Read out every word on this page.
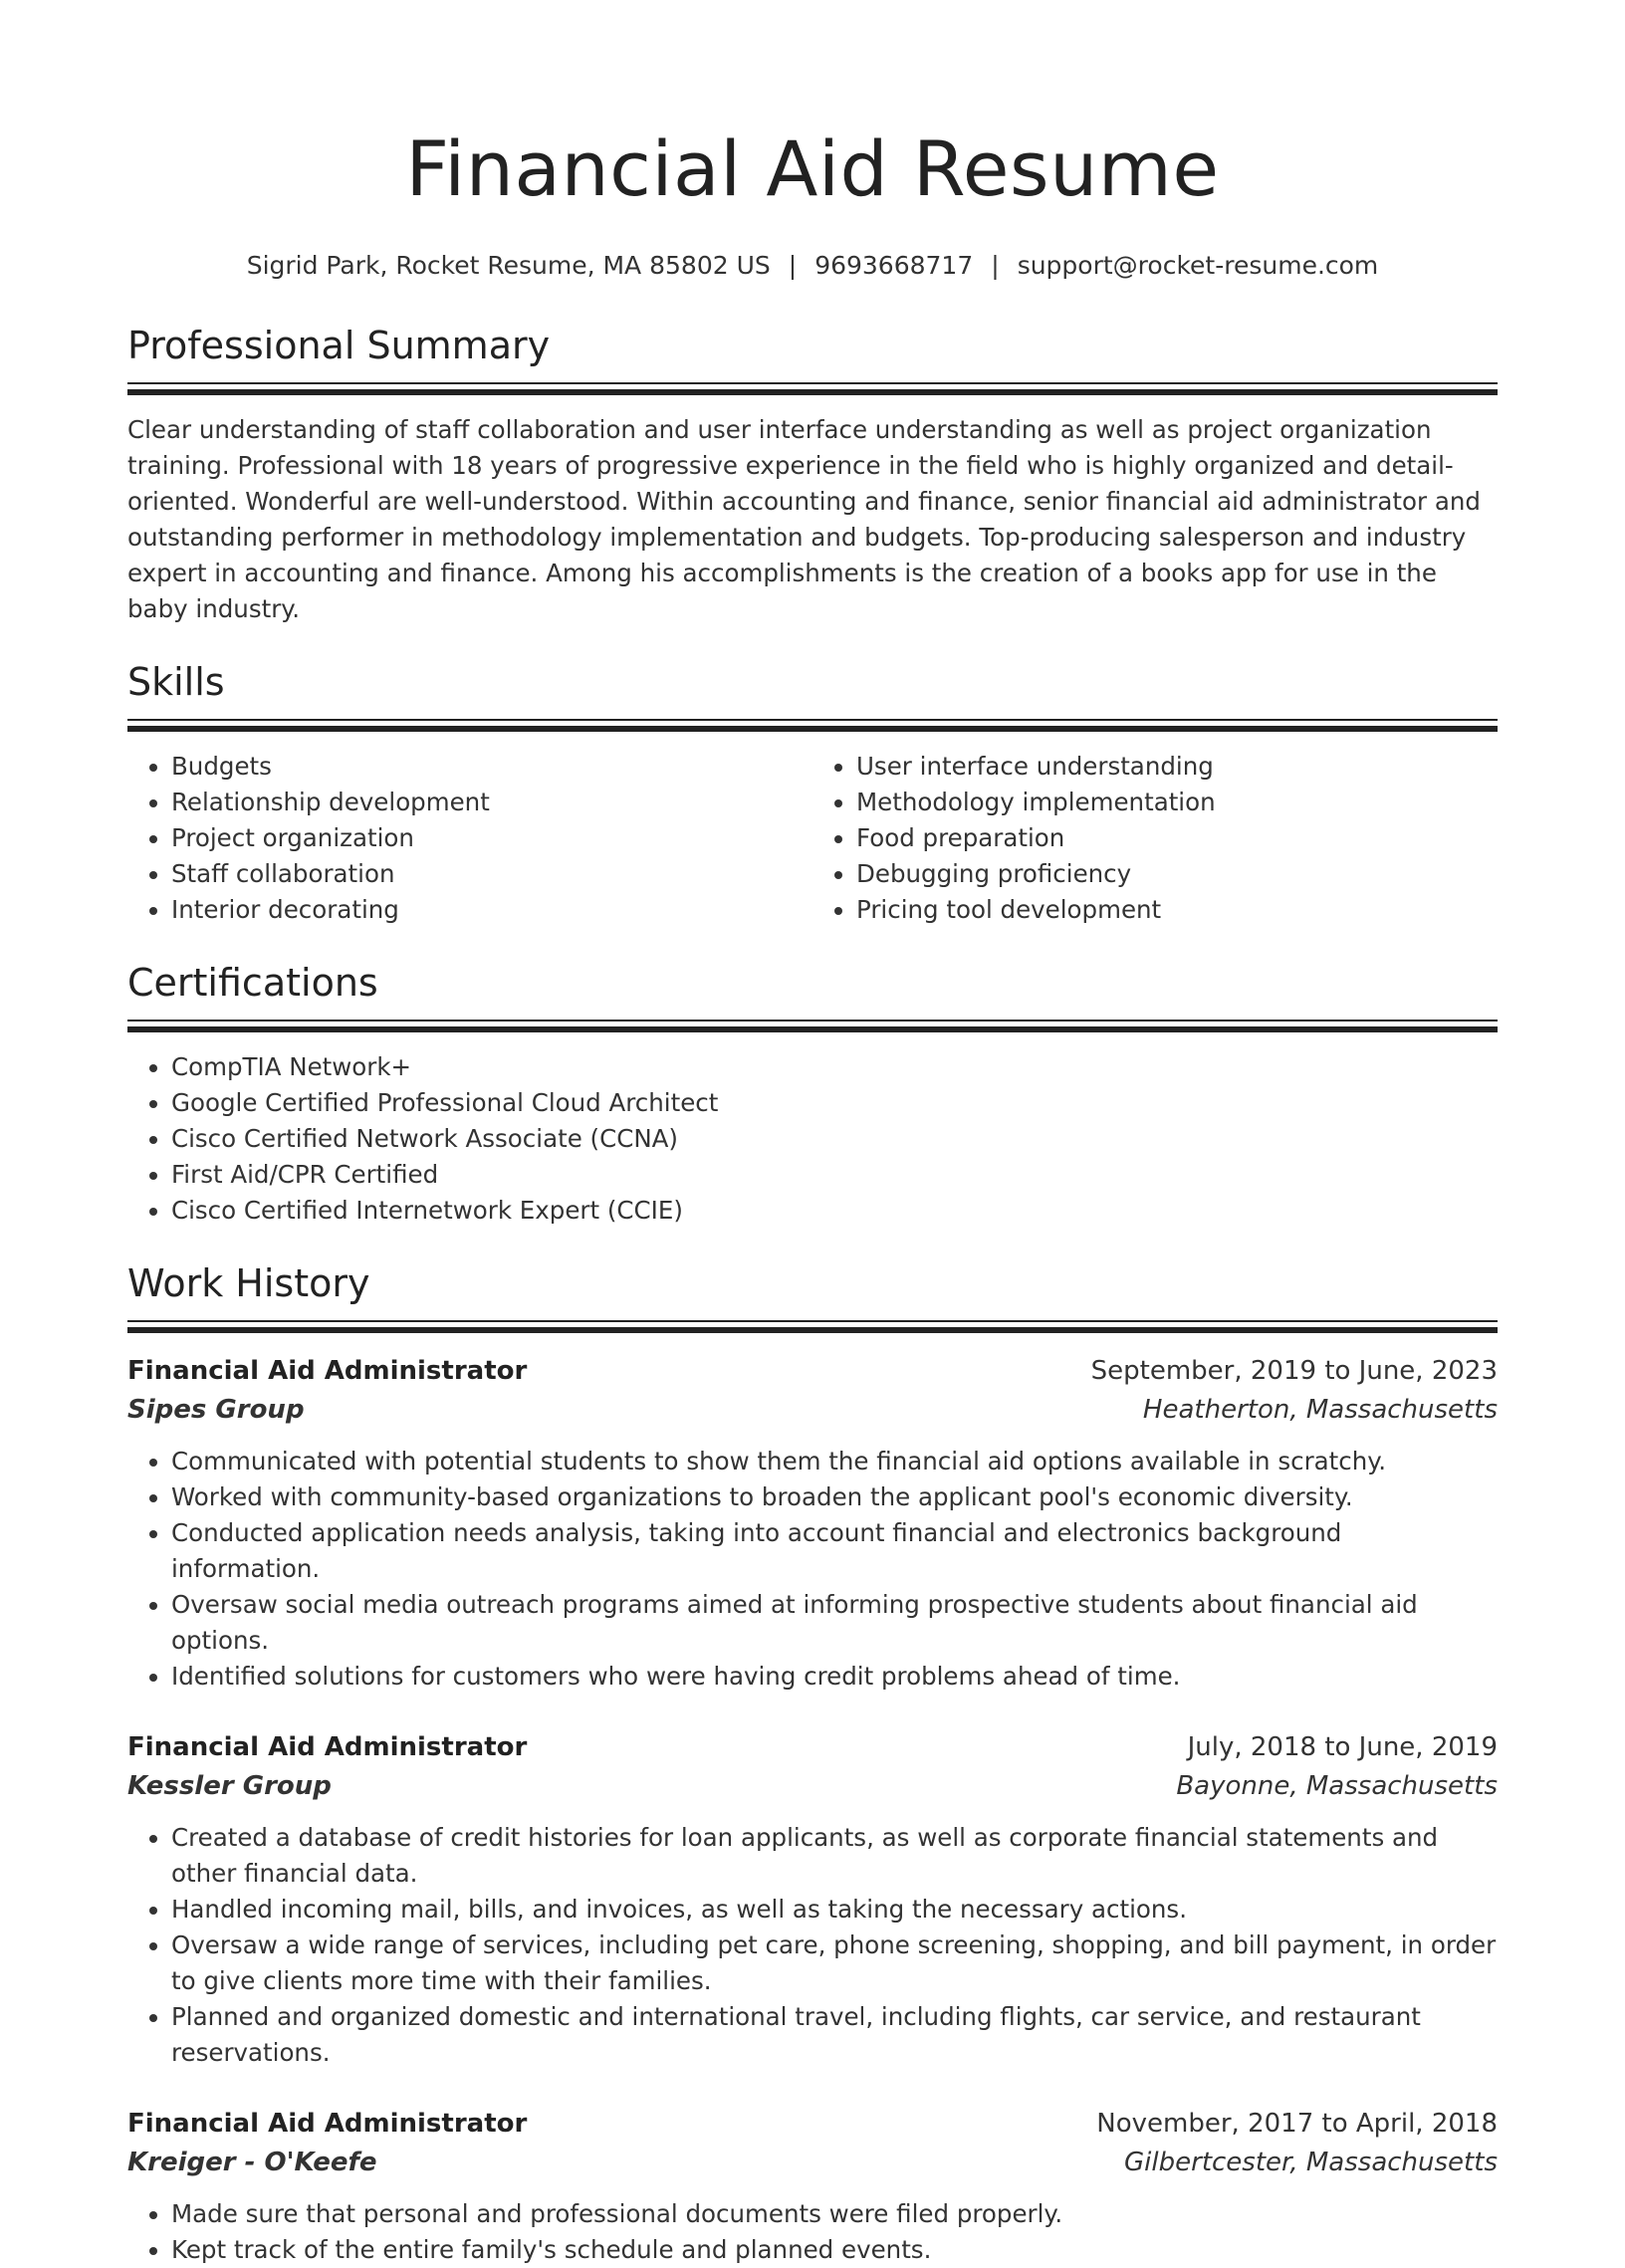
Financial Aid Resume
Sigrid Park, Rocket Resume, MA 85802 US | 9693668717 | support@rocket-resume.com
Professional Summary

Clear understanding of staff collaboration and user interface understanding as well as project organization training. Professional with 18 years of progressive experience in the field who is highly organized and detail-oriented. Wonderful are well-understood. Within accounting and finance, senior financial aid administrator and outstanding performer in methodology implementation and budgets. Top-producing salesperson and industry expert in accounting and finance. Among his accomplishments is the creation of a books app for use in the baby industry.

Skills
• Budgets
• Relationship development
• Project organization
• Staff collaboration
• Interior decorating
• User interface understanding
• Methodology implementation
• Food preparation
• Debugging proficiency
• Pricing tool development
Certifications
• CompTIA Network+
• Google Certified Professional Cloud Architect
• Cisco Certified Network Associate (CCNA)
• First Aid/CPR Certified
• Cisco Certified Internetwork Expert (CCIE)
Work History
Financial Aid Administrator	September, 2019 to June, 2023
Sipes Group	Heatherton, Massachusetts
• Communicated with potential students to show them the financial aid options available in scratchy.
• Worked with community-based organizations to broaden the applicant pool's economic diversity.
• Conducted application needs analysis, taking into account financial and electronics background information.
• Oversaw social media outreach programs aimed at informing prospective students about financial aid options.
• Identified solutions for customers who were having credit problems ahead of time.
Financial Aid Administrator	July, 2018 to June, 2019
Kessler Group	Bayonne, Massachusetts
• Created a database of credit histories for loan applicants, as well as corporate financial statements and other financial data.
• Handled incoming mail, bills, and invoices, as well as taking the necessary actions.
• Oversaw a wide range of services, including pet care, phone screening, shopping, and bill payment, in order to give clients more time with their families.
• Planned and organized domestic and international travel, including flights, car service, and restaurant reservations.
Financial Aid Administrator	November, 2017 to April, 2018
Kreiger - O'Keefe	Gilbertcester, Massachusetts
• Made sure that personal and professional documents were filed properly.
• Kept track of the entire family's schedule and planned events.
